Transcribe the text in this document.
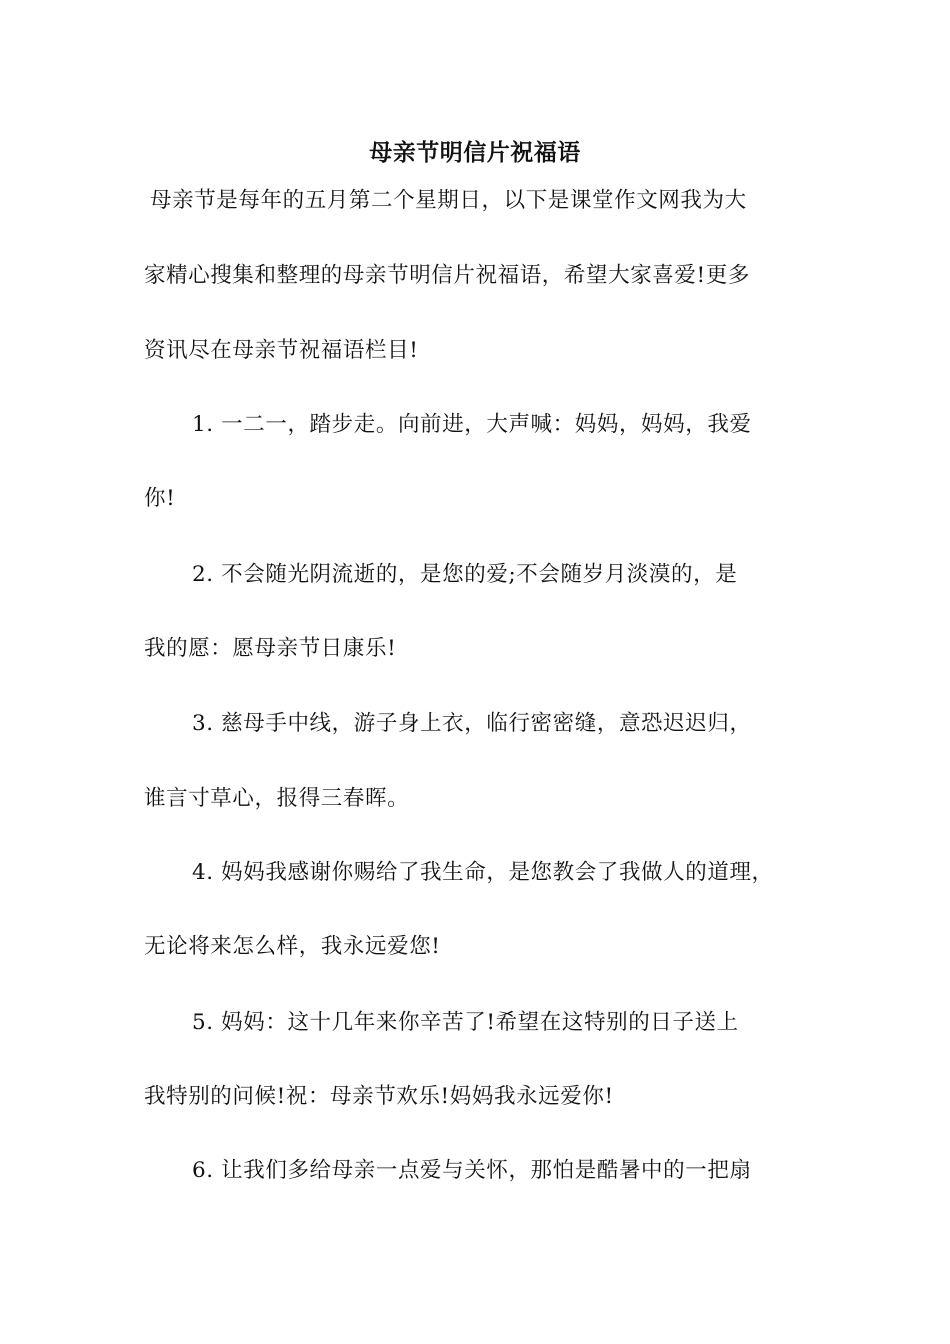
母亲节明信片祝福语
母亲节是每年的五月第二个星期日，以下是课堂作文网我为大
家精心搜集和整理的母亲节明信片祝福语，希望大家喜爱!更多
资讯尽在母亲节祝福语栏目!
1. 一二一，踏步走。向前进，大声喊：妈妈，妈妈，我爱
你!
2. 不会随光阴流逝的，是您的爱;不会随岁月淡漠的，是
我的愿：愿母亲节日康乐!
3. 慈母手中线，游子身上衣，临行密密缝，意恐迟迟归，
谁言寸草心，报得三春晖。
4. 妈妈我感谢你赐给了我生命，是您教会了我做人的道理，
无论将来怎么样，我永远爱您!
5. 妈妈：这十几年来你辛苦了!希望在这特别的日子送上
我特别的问候!祝：母亲节欢乐!妈妈我永远爱你!
6. 让我们多给母亲一点爱与关怀，那怕是酷暑中的一把扇
